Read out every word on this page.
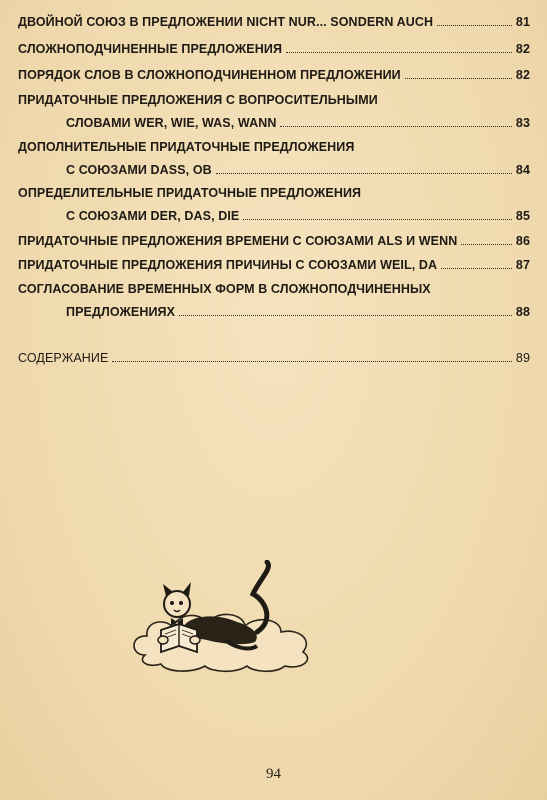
ДВОЙНОЙ СОЮЗ В ПРЕДЛОЖЕНИИ NICHT NUR... SONDERN AUCH	81
СЛОЖНОПОДЧИНЕННЫЕ ПРЕДЛОЖЕНИЯ	82
ПОРЯДОК СЛОВ В СЛОЖНОПОДЧИНЕННОМ ПРЕДЛОЖЕНИИ	82
ПРИДАТОЧНЫЕ ПРЕДЛОЖЕНИЯ С ВОПРОСИТЕЛЬНЫМИ
СЛОВАМИ WER, WIE, WAS, WANN	83
ДОПОЛНИТЕЛЬНЫЕ ПРИДАТОЧНЫЕ ПРЕДЛОЖЕНИЯ
С СОЮЗАМИ DASS, OB	84
ОПРЕДЕЛИТЕЛЬНЫЕ ПРИДАТОЧНЫЕ ПРЕДЛОЖЕНИЯ
С СОЮЗАМИ DER, DAS, DIE	85
ПРИДАТОЧНЫЕ ПРЕДЛОЖЕНИЯ ВРЕМЕНИ С СОЮЗАМИ ALS И WENN	86
ПРИДАТОЧНЫЕ ПРЕДЛОЖЕНИЯ ПРИЧИНЫ С СОЮЗАМИ WEIL, DA	87
СОГЛАСОВАНИЕ ВРЕМЕННЫХ ФОРМ В СЛОЖНОПОДЧИНЕННЫХ
ПРЕДЛОЖЕНИЯХ	88
СОДЕРЖАНИЕ	89
94
